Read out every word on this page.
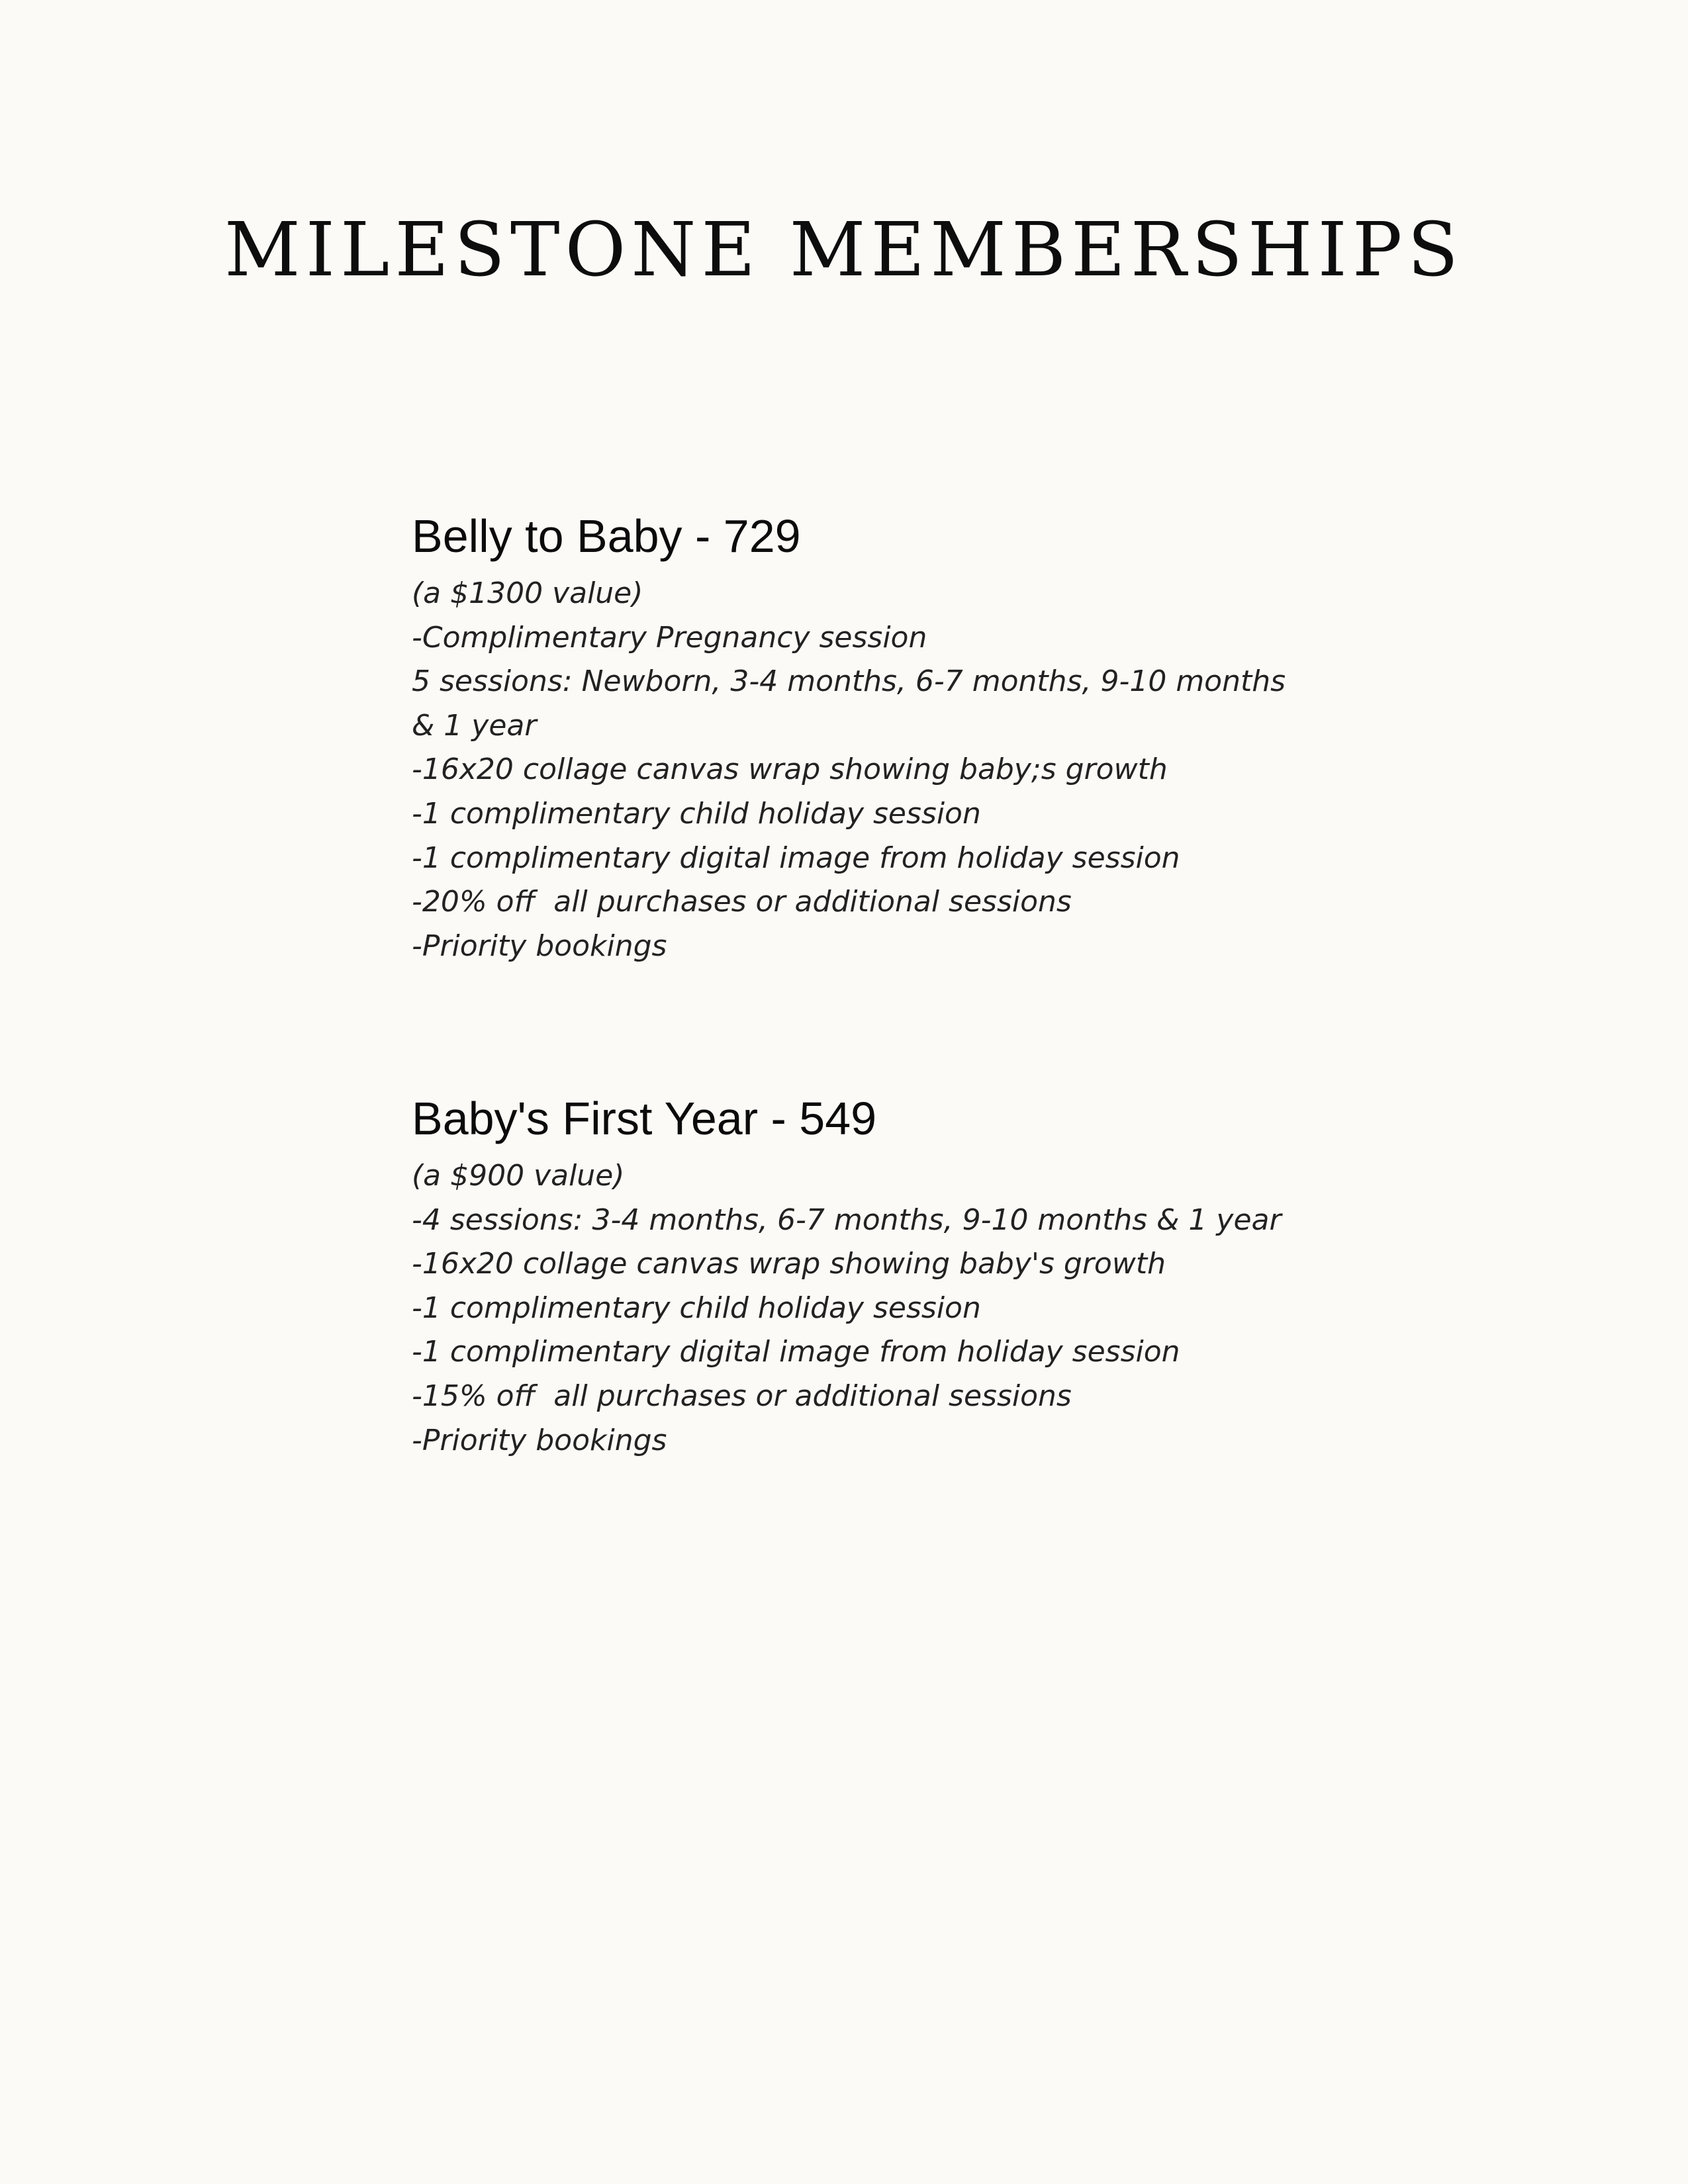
MILESTONE MEMBERSHIPS
Belly to Baby - 729
(a $1300 value)
-Complimentary Pregnancy session
5 sessions: Newborn, 3-4 months, 6-7 months, 9-10 months
& 1 year
-16x20 collage canvas wrap showing baby;s growth
-1 complimentary child holiday session
-1 complimentary digital image from holiday session
-20% off  all purchases or additional sessions
-Priority bookings
Baby's First Year - 549
(a $900 value)
-4 sessions: 3-4 months, 6-7 months, 9-10 months & 1 year
-16x20 collage canvas wrap showing baby's growth
-1 complimentary child holiday session
-1 complimentary digital image from holiday session
-15% off  all purchases or additional sessions
-Priority bookings
